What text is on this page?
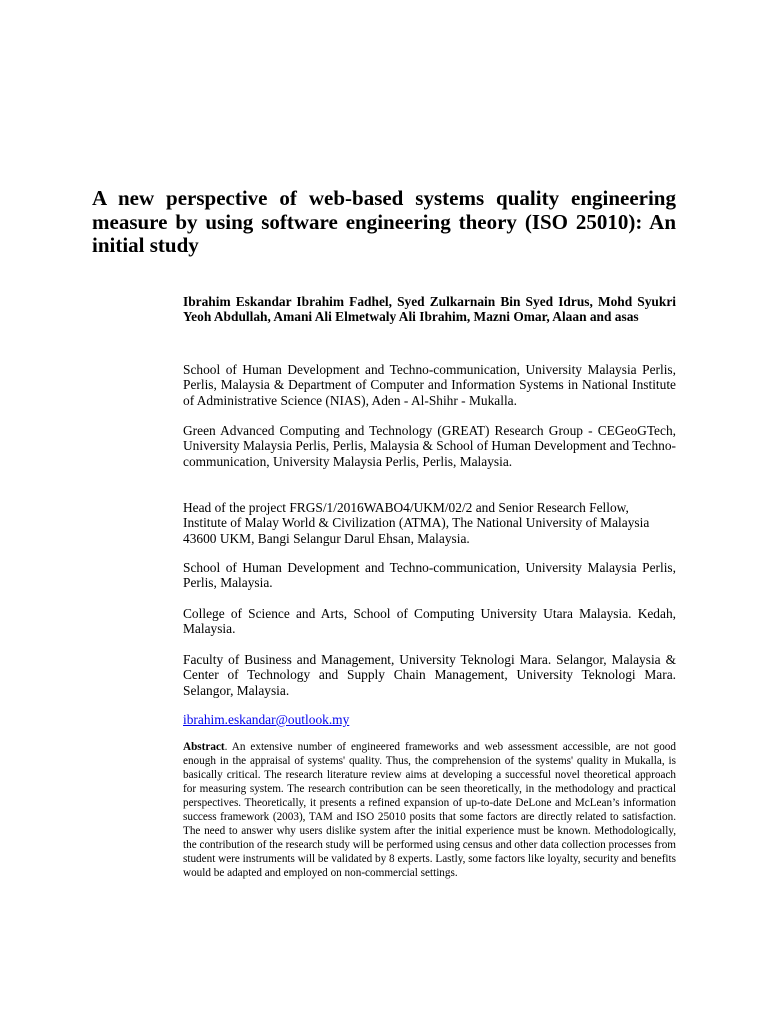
A new perspective of web-based systems quality engineering measure by using software engineering theory (ISO 25010): An initial study

Ibrahim Eskandar Ibrahim Fadhel, Syed Zulkarnain Bin Syed Idrus, Mohd Syukri Yeoh Abdullah, Amani Ali Elmetwaly Ali Ibrahim, Mazni Omar, Alaan and asas

School of Human Development and Techno-communication, University Malaysia Perlis, Perlis, Malaysia & Department of Computer and Information Systems in National Institute of Administrative Science (NIAS), Aden - Al-Shihr - Mukalla.

Green Advanced Computing and Technology (GREAT) Research Group - CEGeoGTech, University Malaysia Perlis, Perlis, Malaysia & School of Human Development and Techno-communication, University Malaysia Perlis, Perlis, Malaysia.

Head of the project FRGS/1/2016WABO4/UKM/02/2 and Senior Research Fellow, Institute of Malay World & Civilization (ATMA), The National University of Malaysia 43600 UKM, Bangi Selangur Darul Ehsan, Malaysia.

School of Human Development and Techno-communication, University Malaysia Perlis, Perlis, Malaysia.

College of Science and Arts, School of Computing University Utara Malaysia. Kedah, Malaysia.

Faculty of Business and Management, University Teknologi Mara. Selangor, Malaysia & Center of Technology and Supply Chain Management, University Teknologi Mara. Selangor, Malaysia.

ibrahim.eskandar@outlook.my

Abstract. An extensive number of engineered frameworks and web assessment accessible, are not good enough in the appraisal of systems' quality. Thus, the comprehension of the systems' quality in Mukalla, is basically critical. The research literature review aims at developing a successful novel theoretical approach for measuring system. The research contribution can be seen theoretically, in the methodology and practical perspectives. Theoretically, it presents a refined expansion of up-to-date DeLone and McLean’s information success framework (2003), TAM and ISO 25010 posits that some factors are directly related to satisfaction. The need to answer why users dislike system after the initial experience must be known. Methodologically, the contribution of the research study will be performed using census and other data collection processes from student were instruments will be validated by 8 experts. Lastly, some factors like loyalty, security and benefits would be adapted and employed on non-commercial settings.
